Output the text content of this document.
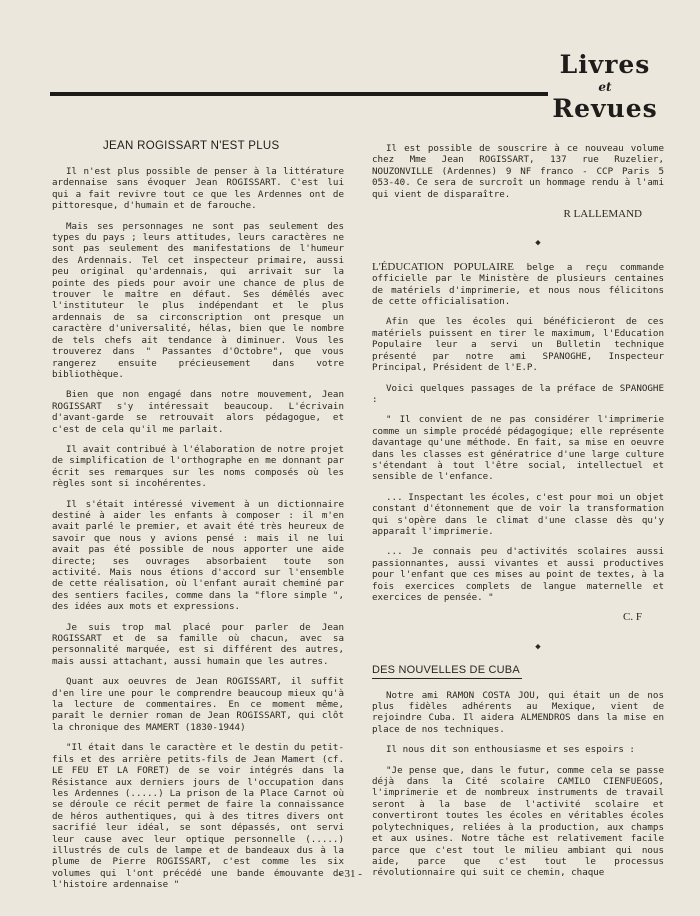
Livres
et
Revues
JEAN ROGISSART N'EST PLUS

Il n'est plus possible de penser à la littérature ardennaise sans évoquer Jean ROGISSART. C'est lui qui a fait revivre tout ce que les Ardennes ont de pittoresque, d'humain et de farouche.

Mais ses personnages ne sont pas seulement des types du pays ; leurs attitudes, leurs caractères ne sont pas seulement des manifestations de l'humeur des Ardennais. Tel cet inspecteur primaire, aussi peu original qu'ardennais, qui arrivait sur la pointe des pieds pour avoir une chance de plus de trouver le maître en défaut. Ses démêlés avec l'instituteur le plus indépendant et le plus ardennais de sa circonscription ont presque un caractère d'universalité, hélas, bien que le nombre de tels chefs ait tendance à diminuer. Vous les trouverez dans " Passantes d'Octobre", que vous rangerez ensuite précieusement dans votre bibliothèque.

Bien que non engagé dans notre mouvement, Jean ROGISSART s'y intéressait beaucoup. L'écrivain d'avant-garde se retrouvait alors pédagogue, et c'est de cela qu'il me parlait.

Il avait contribué à l'élaboration de notre projet de simplification de l'orthographe en me donnant par écrit ses remarques sur les noms composés où les règles sont si incohérentes.

Il s'était intéressé vivement à un dictionnaire destiné à aider les enfants à composer : il m'en avait parlé le premier, et avait été très heureux de savoir que nous y avions pensé : mais il ne lui avait pas été possible de nous apporter une aide directe; ses ouvrages absorbaient toute son activité. Mais nous étions d'accord sur l'ensemble de cette réalisation, où l'enfant aurait cheminé par des sentiers faciles, comme dans la "flore simple ", des idées aux mots et expressions.

Je suis trop mal placé pour parler de Jean ROGISSART et de sa famille où chacun, avec sa personnalité marquée, est si différent des autres, mais aussi attachant, aussi humain que les autres.

Quant aux oeuvres de Jean ROGISSART, il suffit d'en lire une pour le comprendre beaucoup mieux qu'à la lecture de commentaires. En ce moment même, paraît le dernier roman de Jean ROGISSART, qui clôt la chronique des MAMERT (1830-1944)

"Il était dans le caractère et le destin du petit-fils et des arrière petits-fils de Jean Mamert (cf. LE FEU ET LA FORET) de se voir intégrés dans la Résistance aux derniers jours de l'occupation dans les Ardennes (.....) La prison de la Place Carnot où se déroule ce récit permet de faire la connaissance de héros authentiques, qui à des titres divers ont sacrifié leur idéal, se sont dépassés, ont servi leur cause avec leur optique personnelle (.....) illustrés de culs de lampe et de bandeaux dus à la plume de Pierre ROGISSART, c'est comme les six volumes qui l'ont précédé une bande émouvante de l'histoire ardennaise "

Il est possible de souscrire à ce nouveau volume chez Mme Jean ROGISSART, 137 rue Ruzelier, NOUZONVILLE (Ardennes) 9 NF franco - CCP Paris 5 053-40. Ce sera de surcroît un hommage rendu à l'ami qui vient de disparaître.

R LALLEMAND
◆

L'ÉDUCATION POPULAIRE belge a reçu commande officielle par le Ministère de plusieurs centaines de matériels d'imprimerie, et nous nous félicitons de cette officialisation.

Afin que les écoles qui bénéficieront de ces matériels puissent en tirer le maximum, l'Education Populaire leur a servi un Bulletin technique présenté par notre ami SPANOGHE, Inspecteur Principal, Président de l'E.P.

Voici quelques passages de la préface de SPANOGHE :

" Il convient de ne pas considérer l'imprimerie comme un simple procédé pédagogique; elle représente davantage qu'une méthode. En fait, sa mise en oeuvre dans les classes est génératrice d'une large culture s'étendant à tout l'être social, intellectuel et sensible de l'enfance.

... Inspectant les écoles, c'est pour moi un objet constant d'étonnement que de voir la transformation qui s'opère dans le climat d'une classe dès qu'y apparaît l'imprimerie.

... Je connais peu d'activités scolaires aussi passionnantes, aussi vivantes et aussi productives pour l'enfant que ces mises au point de textes, à la fois exercices complets de langue maternelle et exercices de pensée. "

C. F
◆
DES NOUVELLES DE CUBA

Notre ami RAMON COSTA JOU, qui était un de nos plus fidèles adhérents au Mexique, vient de rejoindre Cuba. Il aidera ALMENDROS dans la mise en place de nos techniques.

Il nous dit son enthousiasme et ses espoirs :

"Je pense que, dans le futur, comme cela se passe déjà dans la Cité scolaire CAMILO CIENFUEGOS, l'imprimerie et de nombreux instruments de travail seront à la base de l'activité scolaire et convertiront toutes les écoles en véritables écoles polytechniques, reliées à la production, aux champs et aux usines. Notre tâche est relativement facile parce que c'est tout le milieu ambiant qui nous aide, parce que c'est tout le processus révolutionnaire qui suit ce chemin, chaque

- 31 -
